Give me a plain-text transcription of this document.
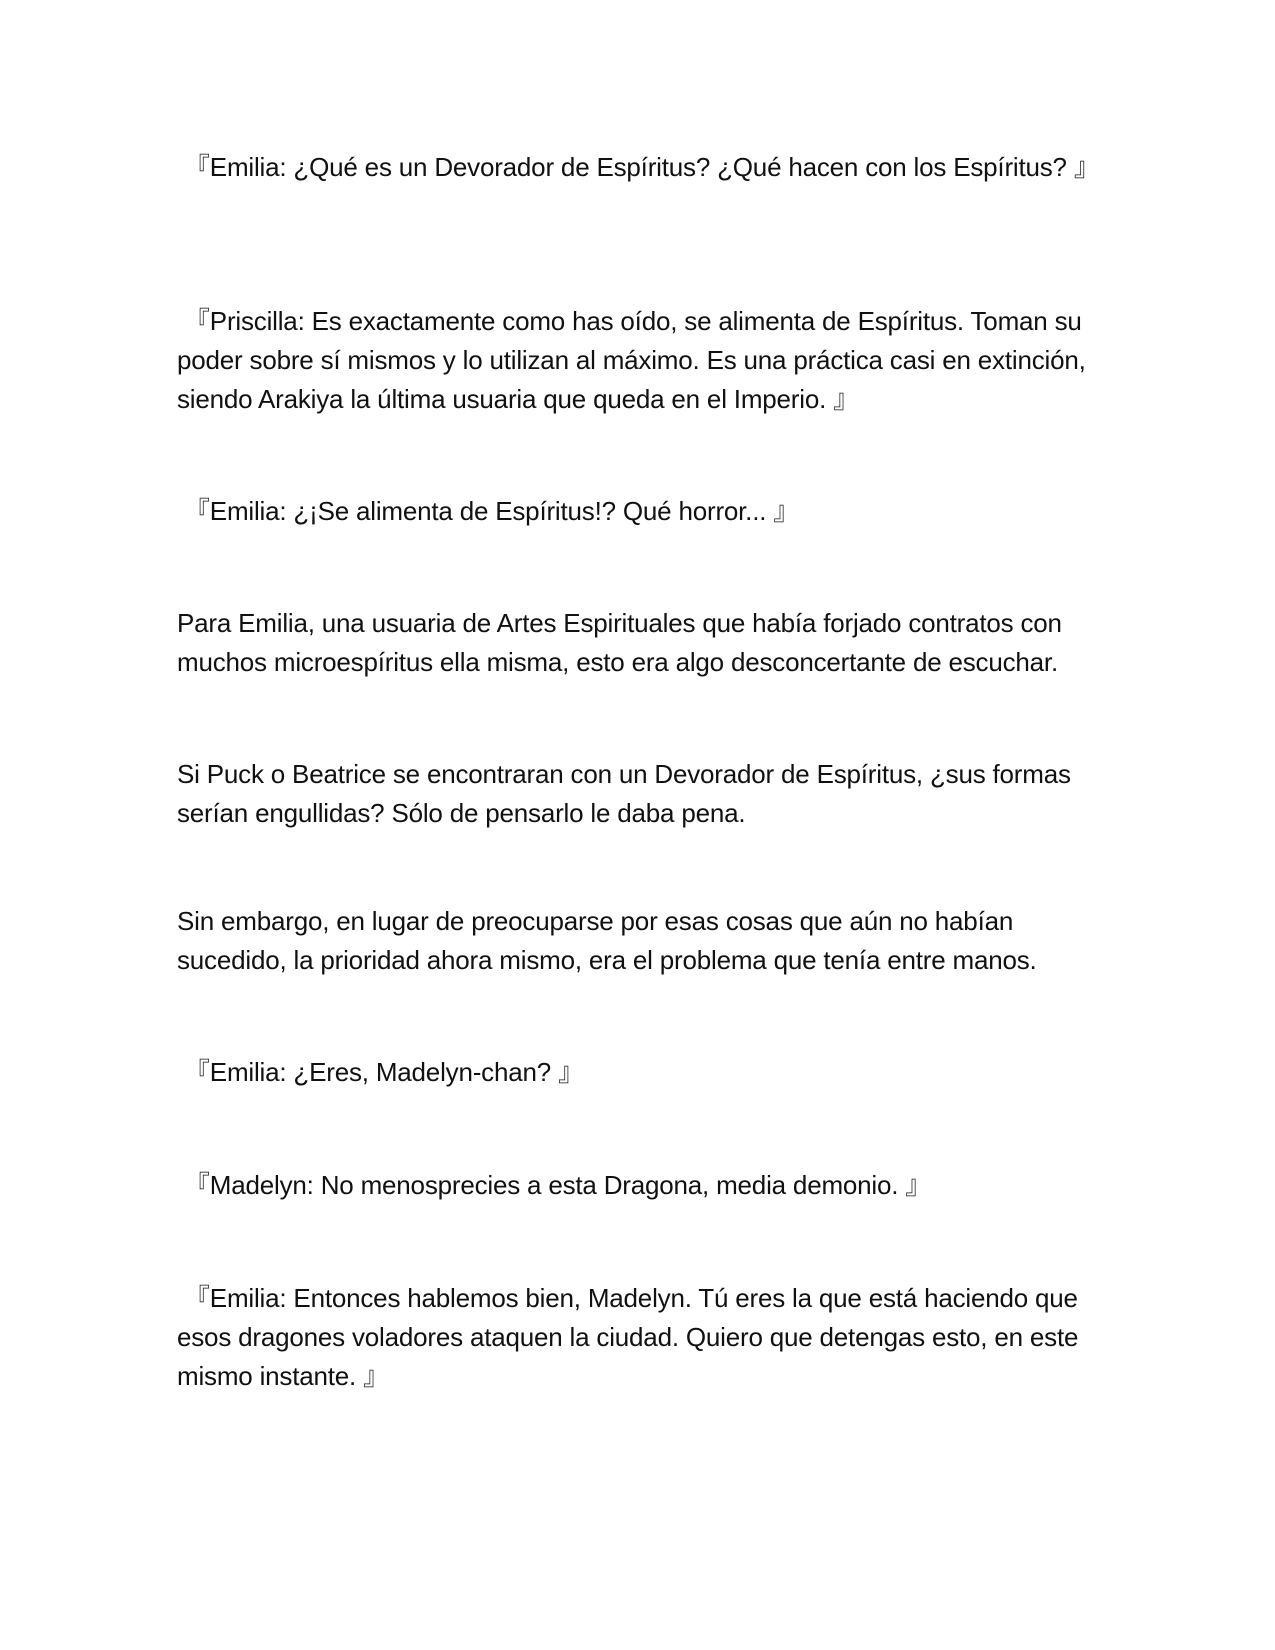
『Emilia: ¿Qué es un Devorador de Espíritus? ¿Qué hacen con los Espíritus? 』

『Priscilla: Es exactamente como has oído, se alimenta de Espíritus. Toman su poder sobre sí mismos y lo utilizan al máximo. Es una práctica casi en extinción, siendo Arakiya la última usuaria que queda en el Imperio. 』

『Emilia: ¿¡Se alimenta de Espíritus!? Qué horror... 』

Para Emilia, una usuaria de Artes Espirituales que había forjado contratos con muchos microespíritus ella misma, esto era algo desconcertante de escuchar.

Si Puck o Beatrice se encontraran con un Devorador de Espíritus, ¿sus formas serían engullidas? Sólo de pensarlo le daba pena.

Sin embargo, en lugar de preocuparse por esas cosas que aún no habían sucedido, la prioridad ahora mismo, era el problema que tenía entre manos.

『Emilia: ¿Eres, Madelyn-chan? 』

『Madelyn: No menosprecies a esta Dragona, media demonio. 』

『Emilia: Entonces hablemos bien, Madelyn. Tú eres la que está haciendo que esos dragones voladores ataquen la ciudad. Quiero que detengas esto, en este mismo instante. 』
